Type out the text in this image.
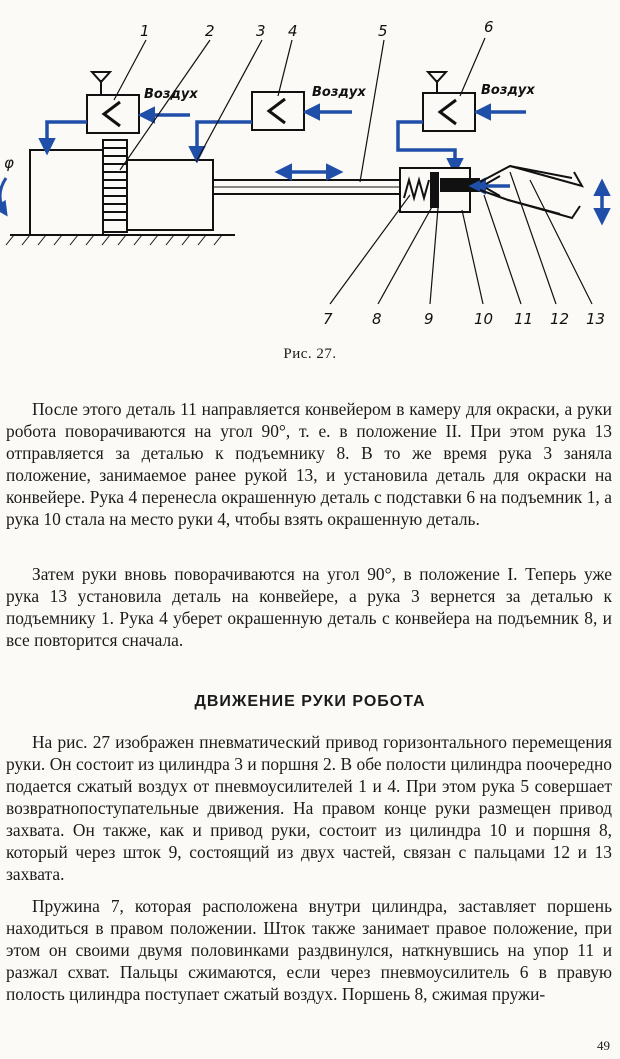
φ
Воздух	Воздух	Воздух
1	2	3 4	5	6
7	8	9	10 11 12 13
Рис. 27.

После этого деталь 11 направляется конвейером в камеру для окраски, а руки робота поворачиваются на угол 90°, т. е. в положение II. При этом рука 13 отправляется за деталью к подъемнику 8. В то же время рука 3 заняла положение, занимаемое ранее рукой 13, и установила деталь для окраски на конвейере. Рука 4 перенесла окрашенную деталь с подставки 6 на подъемник 1, а рука 10 стала на место руки 4, чтобы взять окрашенную деталь.

Затем руки вновь поворачиваются на угол 90°, в положение I. Теперь уже рука 13 установила деталь на конвейере, а рука 3 вернется за деталью к подъемнику 1. Рука 4 уберет окрашенную деталь с конвейера на подъемник 8, и все повторится сначала.

ДВИЖЕНИЕ РУКИ РОБОТА

На рис. 27 изображен пневматический привод горизонтального перемещения руки. Он состоит из цилиндра 3 и поршня 2. В обе полости цилиндра поочередно подается сжатый воздух от пневмоусилителей 1 и 4. При этом рука 5 совершает возвратнопоступательные движения. На правом конце руки размещен привод захвата. Он также, как и привод руки, состоит из цилиндра 10 и поршня 8, который через шток 9, состоящий из двух частей, связан с пальцами 12 и 13 захвата.

Пружина 7, которая расположена внутри цилиндра, заставляет поршень находиться в правом положении. Шток также занимает правое положение, при этом он своими двумя половинками раздвинулся, наткнувшись на упор 11 и разжал схват. Пальцы сжимаются, если через пневмоусилитель 6 в правую полость цилиндра поступает сжатый воздух. Поршень 8, сжимая пружи-

49
